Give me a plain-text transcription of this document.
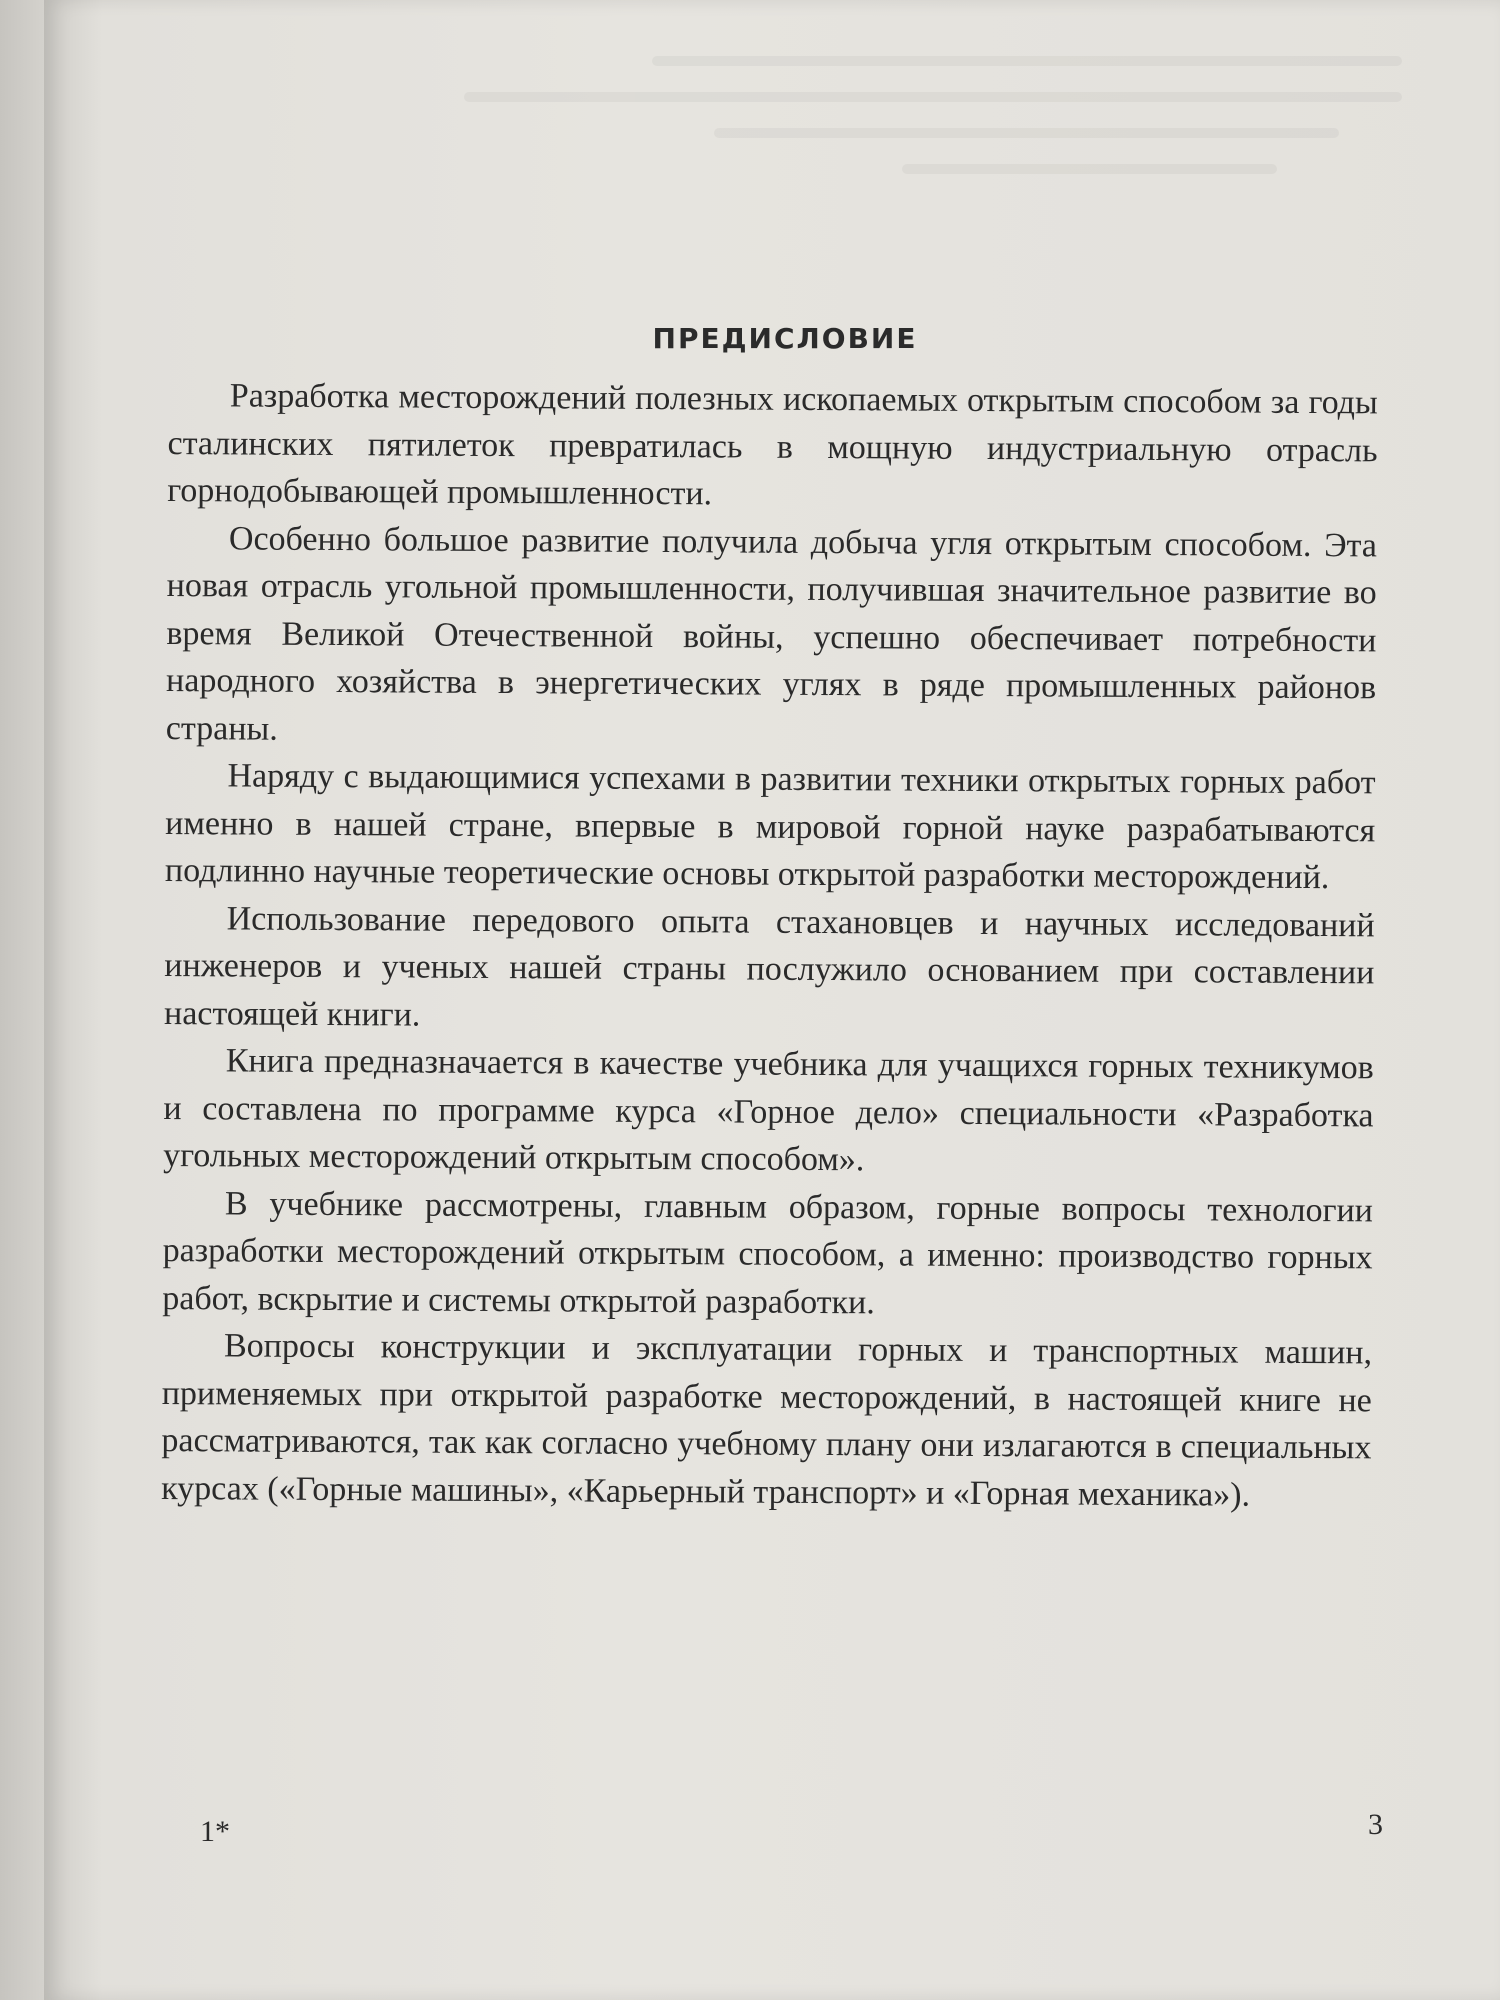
ПРЕДИСЛОВИЕ

Разработка месторождений полезных ископаемых открытым способом за годы сталинских пятилеток превратилась в мощную индустриальную отрасль горнодобывающей промышленности.

Особенно большое развитие получила добыча угля открытым способом. Эта новая отрасль угольной промышленности, получившая значительное развитие во время Великой Отечественной войны, успешно обеспечивает потребности народного хозяйства в энергетических углях в ряде промышленных районов страны.

Наряду с выдающимися успехами в развитии техники открытых горных работ именно в нашей стране, впервые в мировой горной науке разрабатываются подлинно научные теоретические основы открытой разработки месторождений.

Использование передового опыта стахановцев и научных исследований инженеров и ученых нашей страны послужило основанием при составлении настоящей книги.

Книга предназначается в качестве учебника для учащихся горных техникумов и составлена по программе курса «Горное дело» специальности «Разработка угольных месторождений открытым способом».

В учебнике рассмотрены, главным образом, горные вопросы технологии разработки месторождений открытым способом, а именно: производство горных работ, вскрытие и системы открытой разработки.

Вопросы конструкции и эксплуатации горных и транспортных машин, применяемых при открытой разработке месторождений, в настоящей книге не рассматриваются, так как согласно учебному плану они излагаются в специальных курсах («Горные машины», «Карьерный транспорт» и «Горная механика»).

1*	3
